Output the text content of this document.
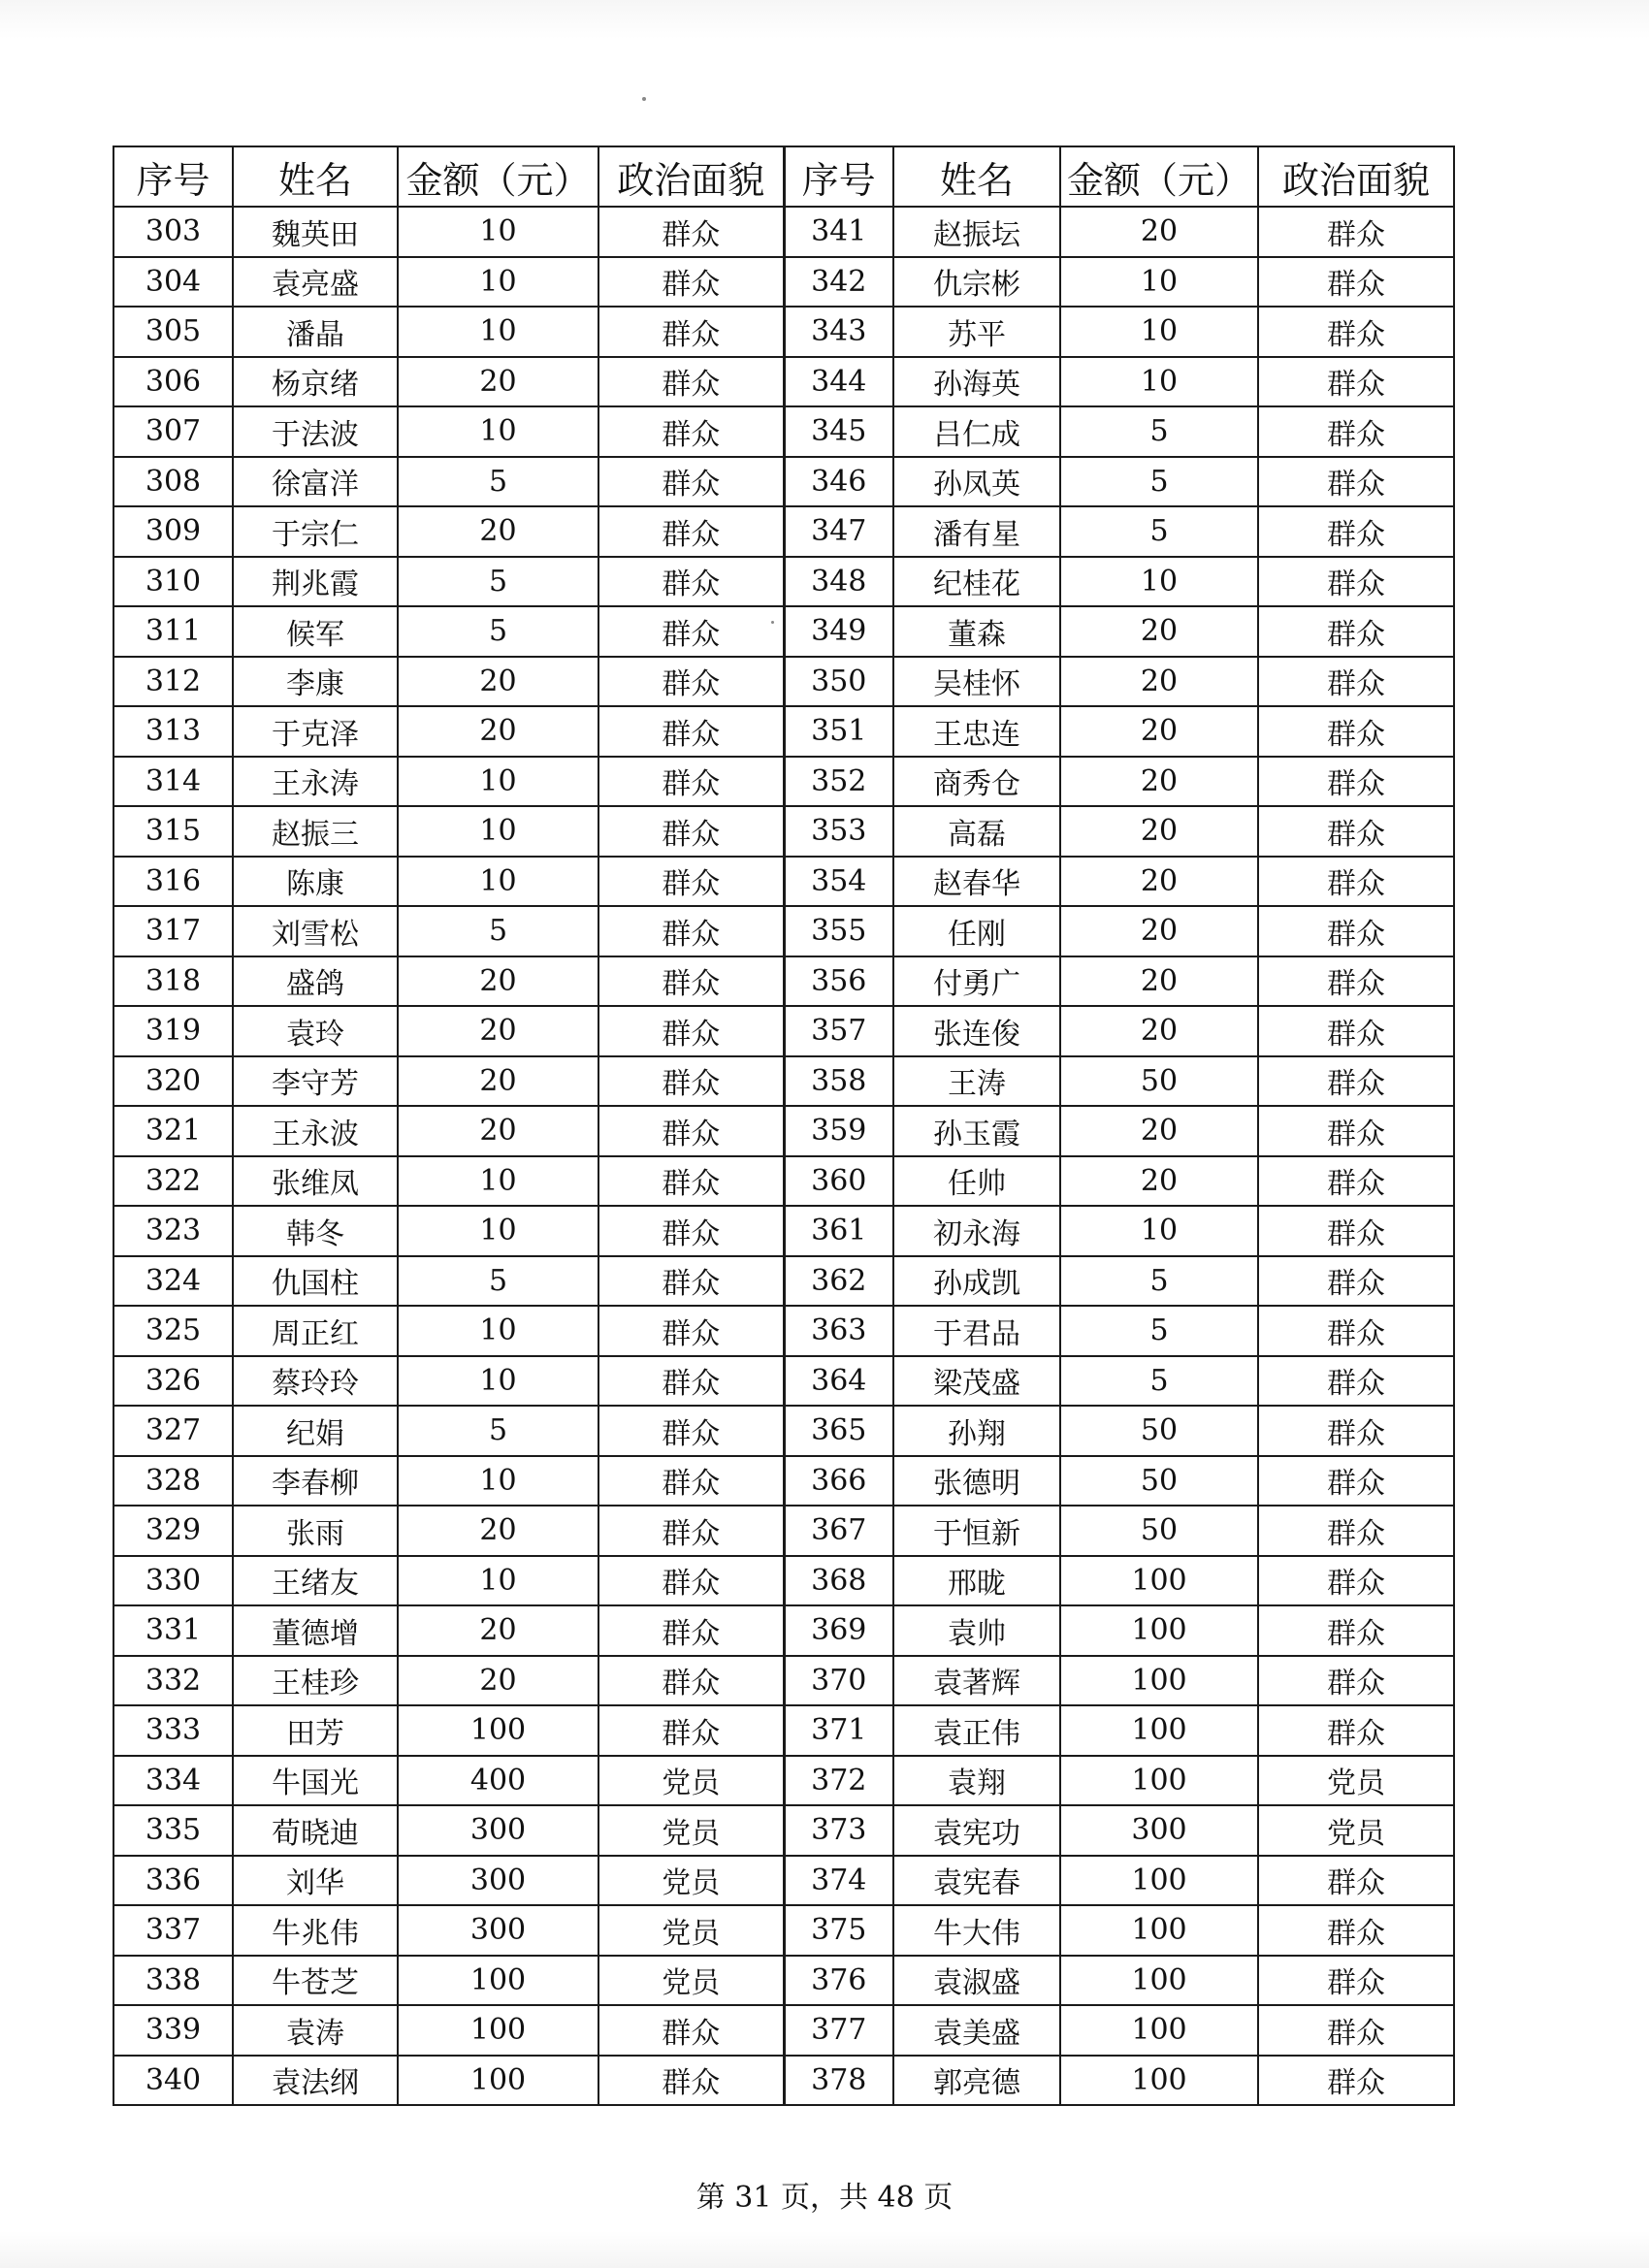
序号	姓名	金额（元）	政治面貌	序号	姓名	金额（元）	政治面貌
303	魏英田	10	群众	341	赵振坛	20	群众
304	袁亮盛	10	群众	342	仇宗彬	10	群众
305	潘晶	10	群众	343	苏平	10	群众
306	杨京绪	20	群众	344	孙海英	10	群众
307	于法波	10	群众	345	吕仁成	5	群众
308	徐富洋	5	群众	346	孙凤英	5	群众
309	于宗仁	20	群众	347	潘有星	5	群众
310	荆兆霞	5	群众	348	纪桂花	10	群众
311	候军	5	群众	349	董森	20	群众
312	李康	20	群众	350	吴桂怀	20	群众
313	于克泽	20	群众	351	王忠连	20	群众
314	王永涛	10	群众	352	商秀仓	20	群众
315	赵振三	10	群众	353	高磊	20	群众
316	陈康	10	群众	354	赵春华	20	群众
317	刘雪松	5	群众	355	任刚	20	群众
318	盛鸽	20	群众	356	付勇广	20	群众
319	袁玲	20	群众	357	张连俊	20	群众
320	李守芳	20	群众	358	王涛	50	群众
321	王永波	20	群众	359	孙玉霞	20	群众
322	张维凤	10	群众	360	任帅	20	群众
323	韩冬	10	群众	361	初永海	10	群众
324	仇国柱	5	群众	362	孙成凯	5	群众
325	周正红	10	群众	363	于君品	5	群众
326	蔡玲玲	10	群众	364	梁茂盛	5	群众
327	纪娟	5	群众	365	孙翔	50	群众
328	李春柳	10	群众	366	张德明	50	群众
329	张雨	20	群众	367	于恒新	50	群众
330	王绪友	10	群众	368	邢昽	100	群众
331	董德增	20	群众	369	袁帅	100	群众
332	王桂珍	20	群众	370	袁著辉	100	群众
333	田芳	100	群众	371	袁正伟	100	群众
334	牛国光	400	党员	372	袁翔	100	党员
335	荀晓迪	300	党员	373	袁宪功	300	党员
336	刘华	300	党员	374	袁宪春	100	群众
337	牛兆伟	300	党员	375	牛大伟	100	群众
338	牛苍芝	100	党员	376	袁淑盛	100	群众
339	袁涛	100	群众	377	袁美盛	100	群众
340	袁法纲	100	群众	378	郭亮德	100	群众
第 31 页，共 48 页
